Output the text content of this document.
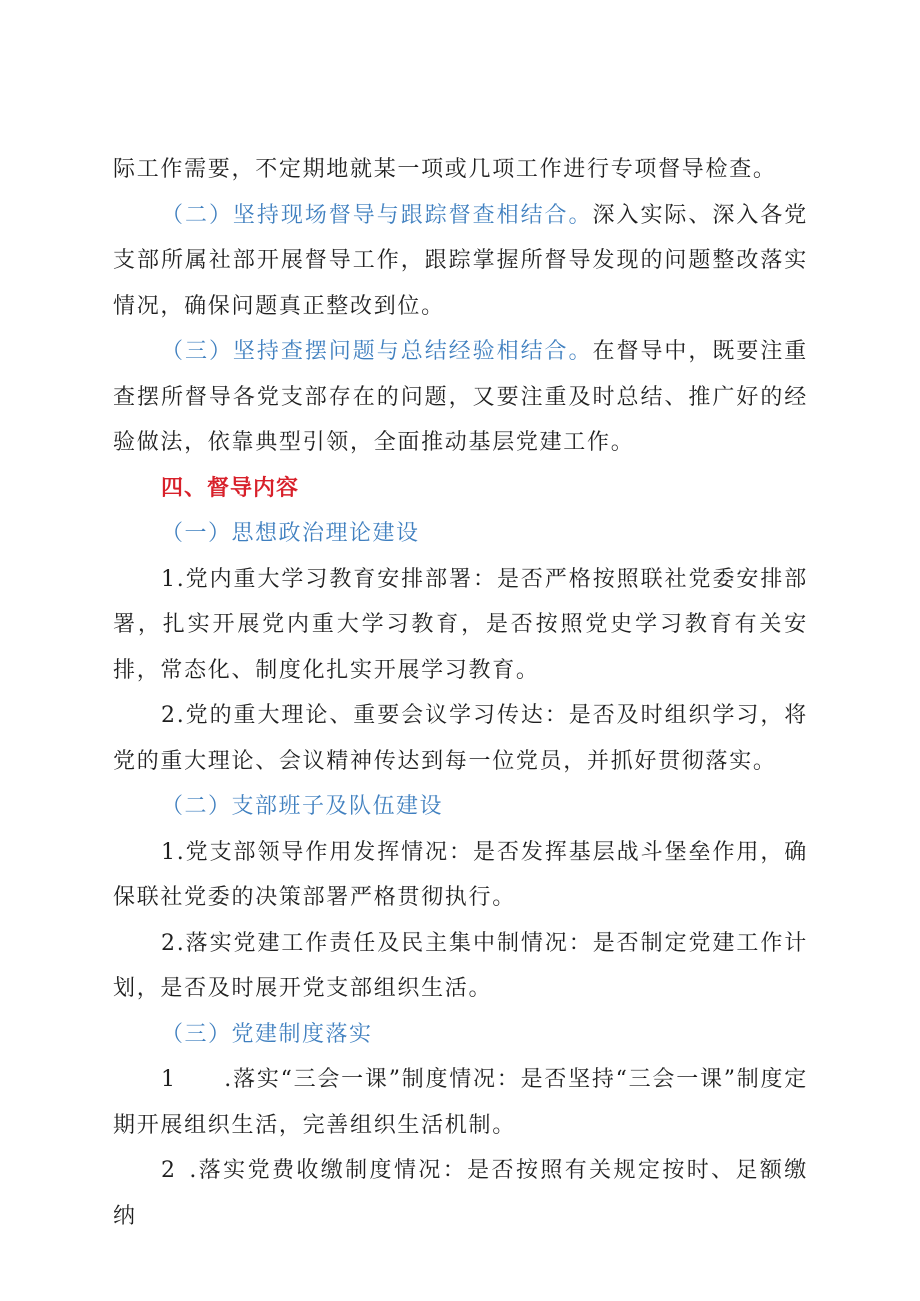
际工作需要，不定期地就某一项或几项工作进行专项督导检查。

（二）坚持现场督导与跟踪督查相结合。深入实际、深入各党支部所属社部开展督导工作，跟踪掌握所督导发现的问题整改落实情况，确保问题真正整改到位。

（三）坚持查摆问题与总结经验相结合。在督导中，既要注重查摆所督导各党支部存在的问题，又要注重及时总结、推广好的经验做法，依靠典型引领，全面推动基层党建工作。

四、督导内容

（一）思想政治理论建设

1.党内重大学习教育安排部署：是否严格按照联社党委安排部署，扎实开展党内重大学习教育，是否按照党史学习教育有关安排，常态化、制度化扎实开展学习教育。

2.党的重大理论、重要会议学习传达：是否及时组织学习，将党的重大理论、会议精神传达到每一位党员，并抓好贯彻落实。

（二）支部班子及队伍建设

1.党支部领导作用发挥情况：是否发挥基层战斗堡垒作用，确保联社党委的决策部署严格贯彻执行。

2.落实党建工作责任及民主集中制情况：是否制定党建工作计划，是否及时展开党支部组织生活。

（三）党建制度落实

1　　.落实“三会一课”制度情况：是否坚持“三会一课”制度定期开展组织生活，完善组织生活机制。

2 .落实党费收缴制度情况：是否按照有关规定按时、足额缴纳
